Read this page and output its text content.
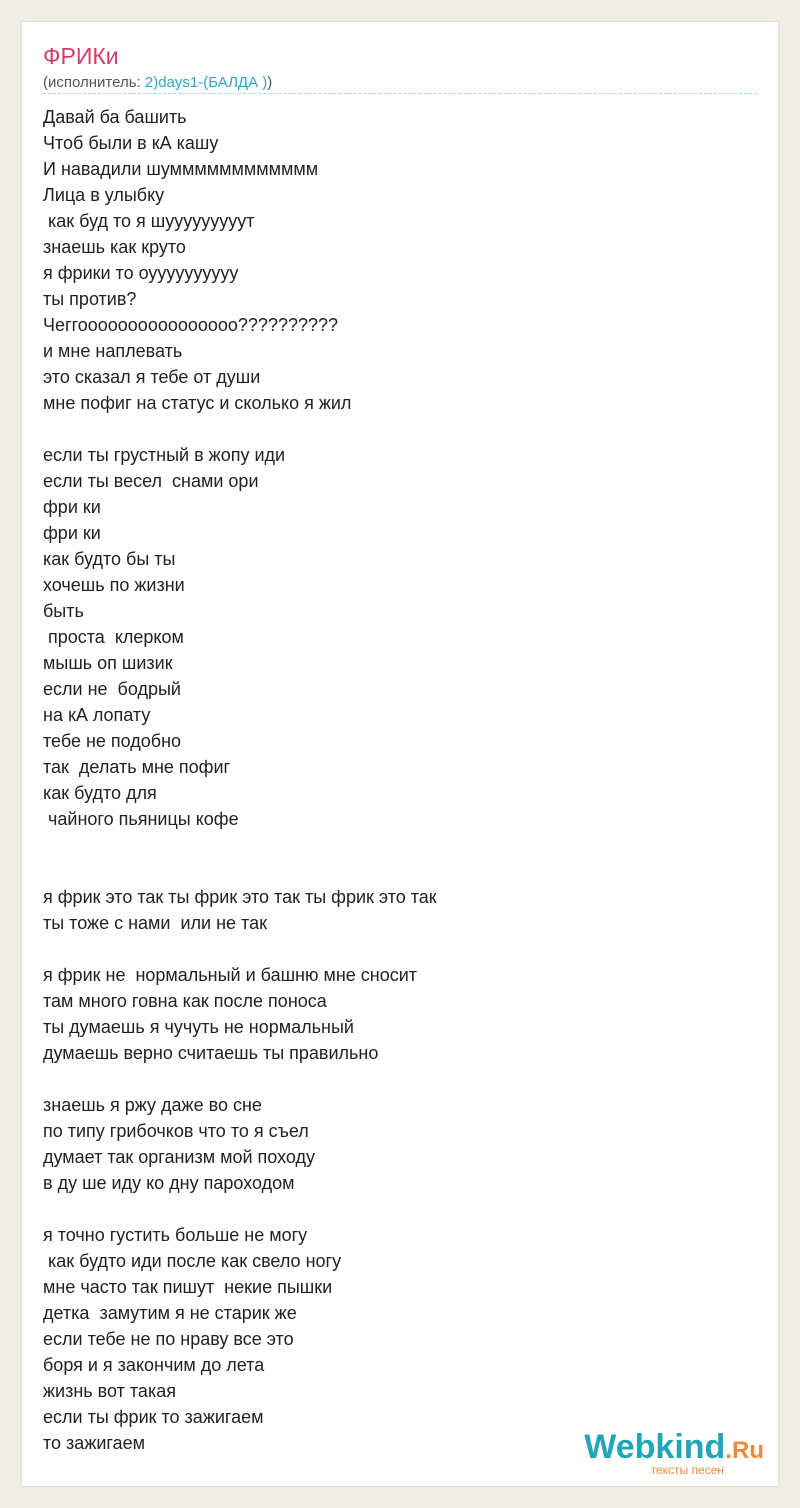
ФРИКи
(исполнитель: 2)days1-(БАЛДА ))
Давай ба башить
Чтоб были в кА кашу
И навадили шумммммммммммм
Лица в улыбку
как буд то я шууууууууут
знаешь как круто
я фрики то оуууууууууу
ты против?
Чеггоооооооооооооооо??????????
и мне наплевать
это сказал я тебе от души
мне пофиг на статус и сколько я жил
если ты грустный в жопу иди
если ты весел  снами ори
фри ки
фри ки
как будто бы ты
хочешь по жизни
быть
проста  клерком
мышь оп шизик
если не  бодрый
на кА лопату
тебе не подобно
так  делать мне пофиг
как будто для
чайного пьяницы кофе
я фрик это так ты фрик это так ты фрик это так
ты тоже с нами  или не так
я фрик не  нормальный и башню мне сносит
там много говна как после поноса
ты думаешь я чучуть не нормальный
думаешь верно считаешь ты правильно
знаешь я ржу даже во сне
по типу грибочков что то я съел
думает так организм мой походу
в ду ше иду ко дну пароходом
я точно густить больше не могу
как будто иди после как свело ногу
мне часто так пишут  некие пышки
детка  замутим я не старик же
если тебе не по нраву все это
боря и я закончим до лета
жизнь вот такая
если ты фрик то зажигаем
то зажигаем	Webkind.Ru
тексты песен
